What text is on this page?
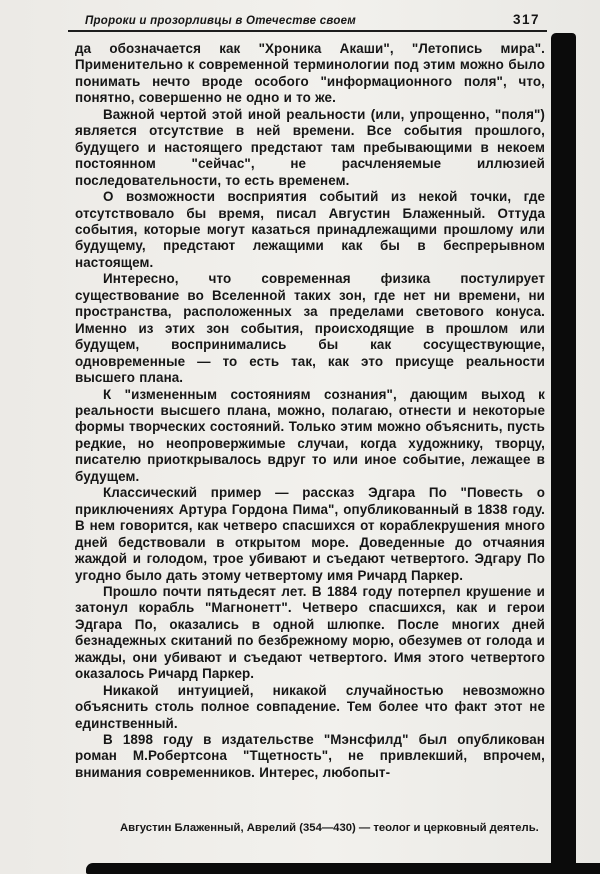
Пророки и прозорливцы в Отечестве своем	317

да обозначается как "Хроника Акаши", "Летопись мира". Применительно к современной терминологии под этим можно было понимать нечто вроде особого "информационного поля", что, понятно, совершенно не одно и то же.

Важной чертой этой иной реальности (или, упрощенно, "поля") является отсутствие в ней времени. Все события прошлого, будущего и настоящего предстают там пребывающими в некоем постоянном "сейчас", не расчленяемые иллюзией последовательности, то есть временем.

О возможности восприятия событий из некой точки, где отсутствовало бы время, писал Августин Блаженный. Оттуда события, которые могут казаться принадлежащими прошлому или будущему, предстают лежащими как бы в беспрерывном настоящем.

Интересно, что современная физика постулирует существование во Вселенной таких зон, где нет ни времени, ни пространства, расположенных за пределами светового конуса. Именно из этих зон события, происходящие в прошлом или будущем, воспринимались бы как сосуществующие, одновременные — то есть так, как это присуще реальности высшего плана.

К "измененным состояниям сознания", дающим выход к реальности высшего плана, можно, полагаю, отнести и некоторые формы творческих состояний. Только этим можно объяснить, пусть редкие, но неопровержимые случаи, когда художнику, творцу, писателю приоткрывалось вдруг то или иное событие, лежащее в будущем.

Классический пример — рассказ Эдгара По "Повесть о приключениях Артура Гордона Пима", опубликованный в 1838 году. В нем говорится, как четверо спасшихся от кораблекрушения много дней бедствовали в открытом море. Доведенные до отчаяния жаждой и голодом, трое убивают и съедают четвертого. Эдгару По угодно было дать этому четвертому имя Ричард Паркер.

Прошло почти пятьдесят лет. В 1884 году потерпел крушение и затонул корабль "Магнонетт". Четверо спасшихся, как и герои Эдгара По, оказались в одной шлюпке. После многих дней безнадежных скитаний по безбрежному морю, обезумев от голода и жажды, они убивают и съедают четвертого. Имя этого четвертого оказалось Ричард Паркер.

Никакой интуицией, никакой случайностью невозможно объяснить столь полное совпадение. Тем более что факт этот не единственный.

В 1898 году в издательстве "Мэнсфилд" был опубликован роман М.Робертсона "Тщетность", не привлекший, впрочем, внимания современников. Интерес, любопыт-

Августин Блаженный, Аврелий (354—430) — теолог и церковный деятель.
